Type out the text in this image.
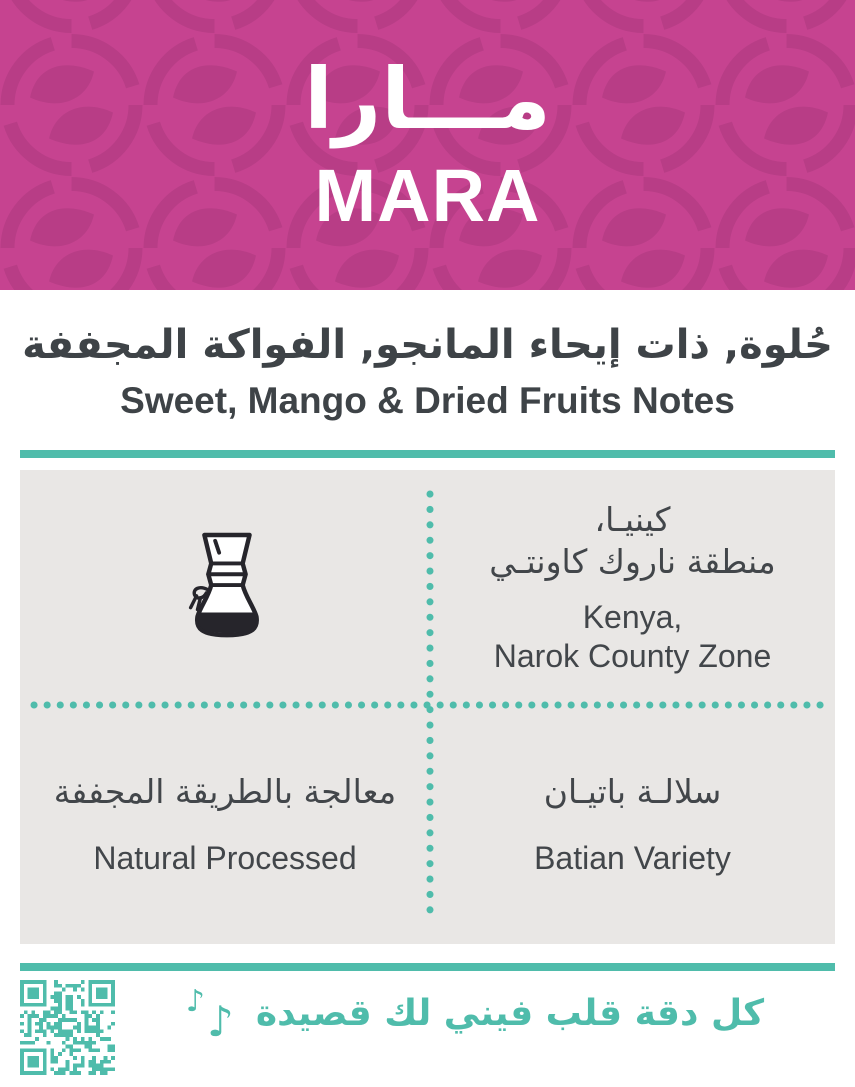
مـــارا
MARA
حُلوة, ذات إيحاء المانجو, الفواكة المجففة
Sweet, Mango & Dried Fruits Notes
كينيـا،
منطقة ناروك كاونتـي
Kenya,
Narok County Zone
معالجة بالطريقة المجففة
Natural Processed
سلالـة باتيـان
Batian Variety
♪ ♪ كل دقة قلب فيني لك قصيدة
